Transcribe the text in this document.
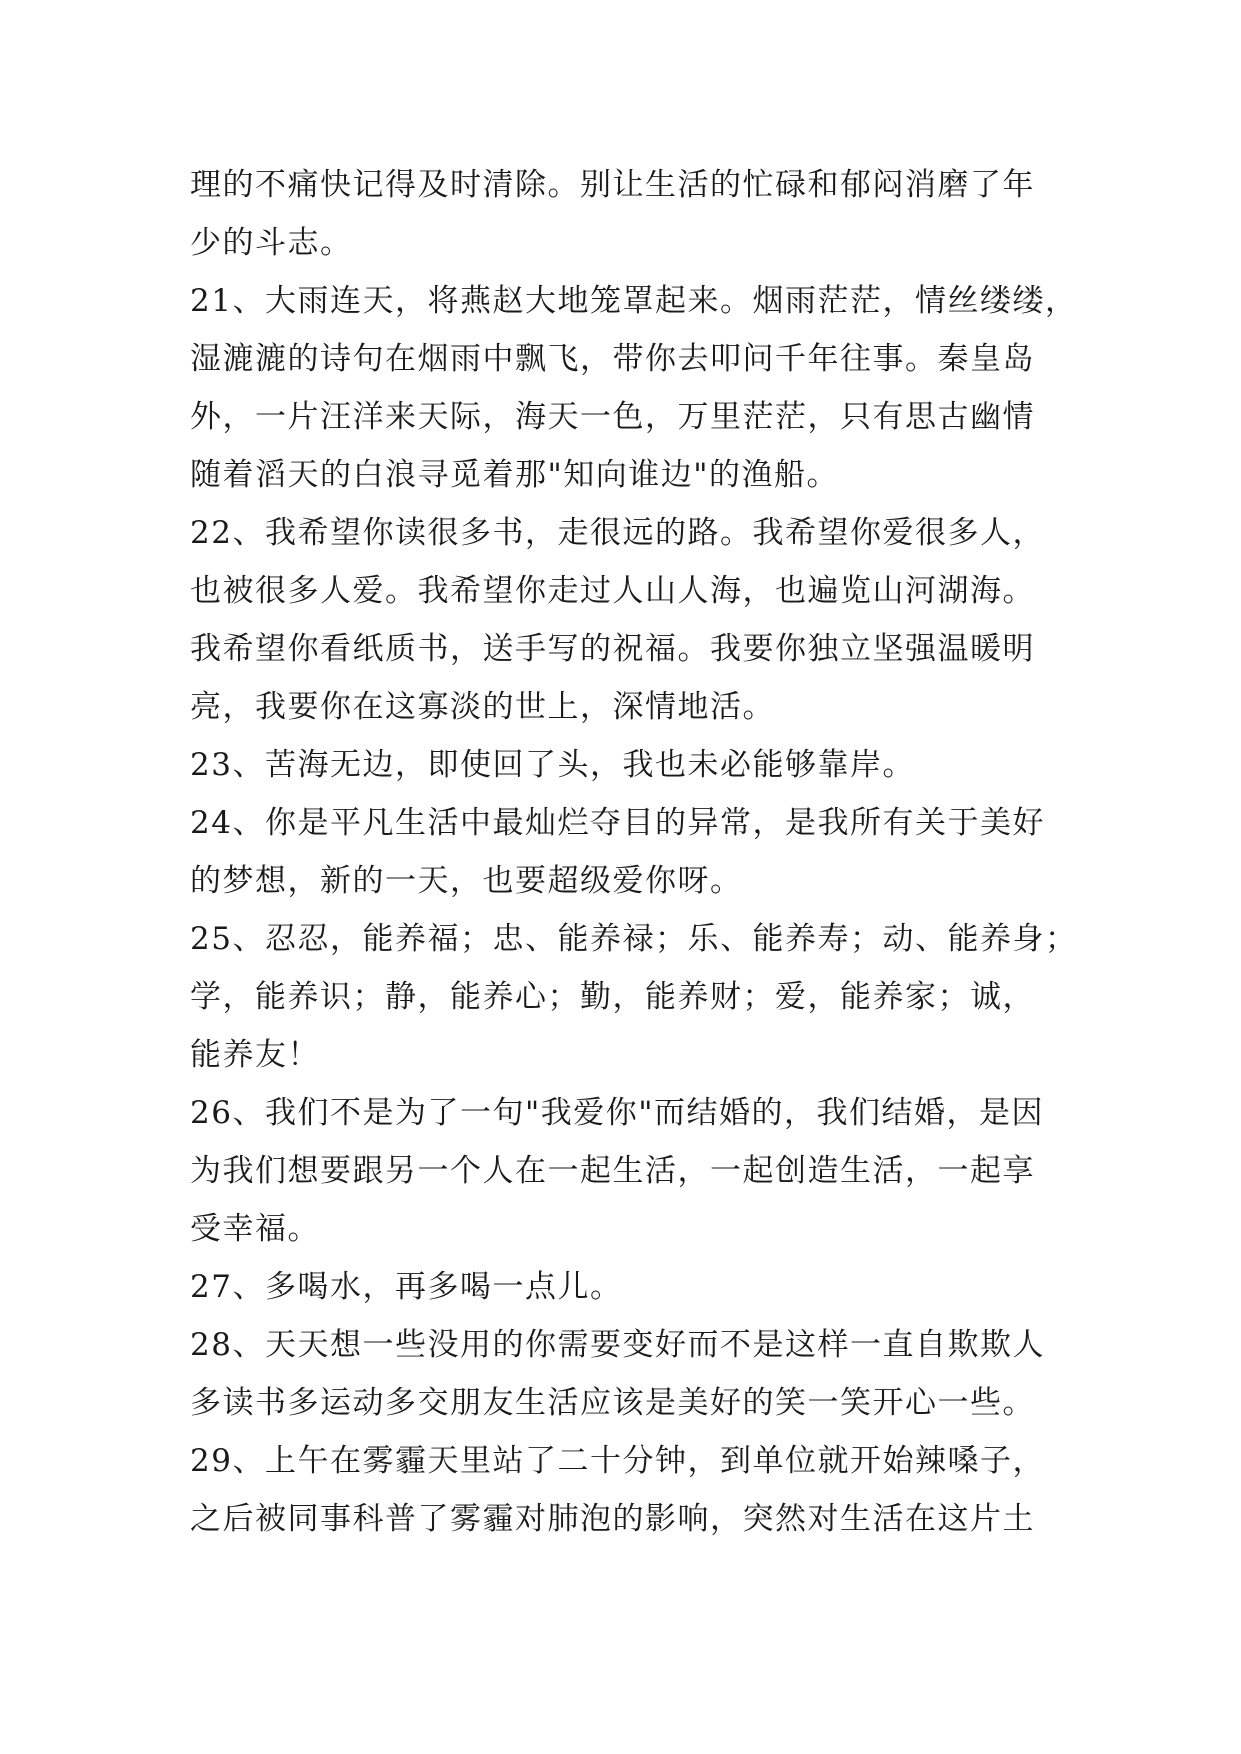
理的不痛快记得及时清除。别让生活的忙碌和郁闷消磨了年
少的斗志。
21、大雨连天，将燕赵大地笼罩起来。烟雨茫茫，情丝缕缕，
湿漉漉的诗句在烟雨中飘飞，带你去叩问千年往事。秦皇岛
外，一片汪洋来天际，海天一色，万里茫茫，只有思古幽情
随着滔天的白浪寻觅着那"知向谁边"的渔船。
22、我希望你读很多书，走很远的路。我希望你爱很多人，
也被很多人爱。我希望你走过人山人海，也遍览山河湖海。
我希望你看纸质书，送手写的祝福。我要你独立坚强温暖明
亮，我要你在这寡淡的世上，深情地活。
23、苦海无边，即使回了头，我也未必能够靠岸。
24、你是平凡生活中最灿烂夺目的异常，是我所有关于美好
的梦想，新的一天，也要超级爱你呀。
25、忍忍，能养福；忠、能养禄；乐、能养寿；动、能养身；
学，能养识；静，能养心；勤，能养财；爱，能养家；诚，
能养友！
26、我们不是为了一句"我爱你"而结婚的，我们结婚，是因
为我们想要跟另一个人在一起生活，一起创造生活，一起享
受幸福。
27、多喝水，再多喝一点儿。
28、天天想一些没用的你需要变好而不是这样一直自欺欺人
多读书多运动多交朋友生活应该是美好的笑一笑开心一些。
29、上午在雾霾天里站了二十分钟，到单位就开始辣嗓子，
之后被同事科普了雾霾对肺泡的影响，突然对生活在这片土
